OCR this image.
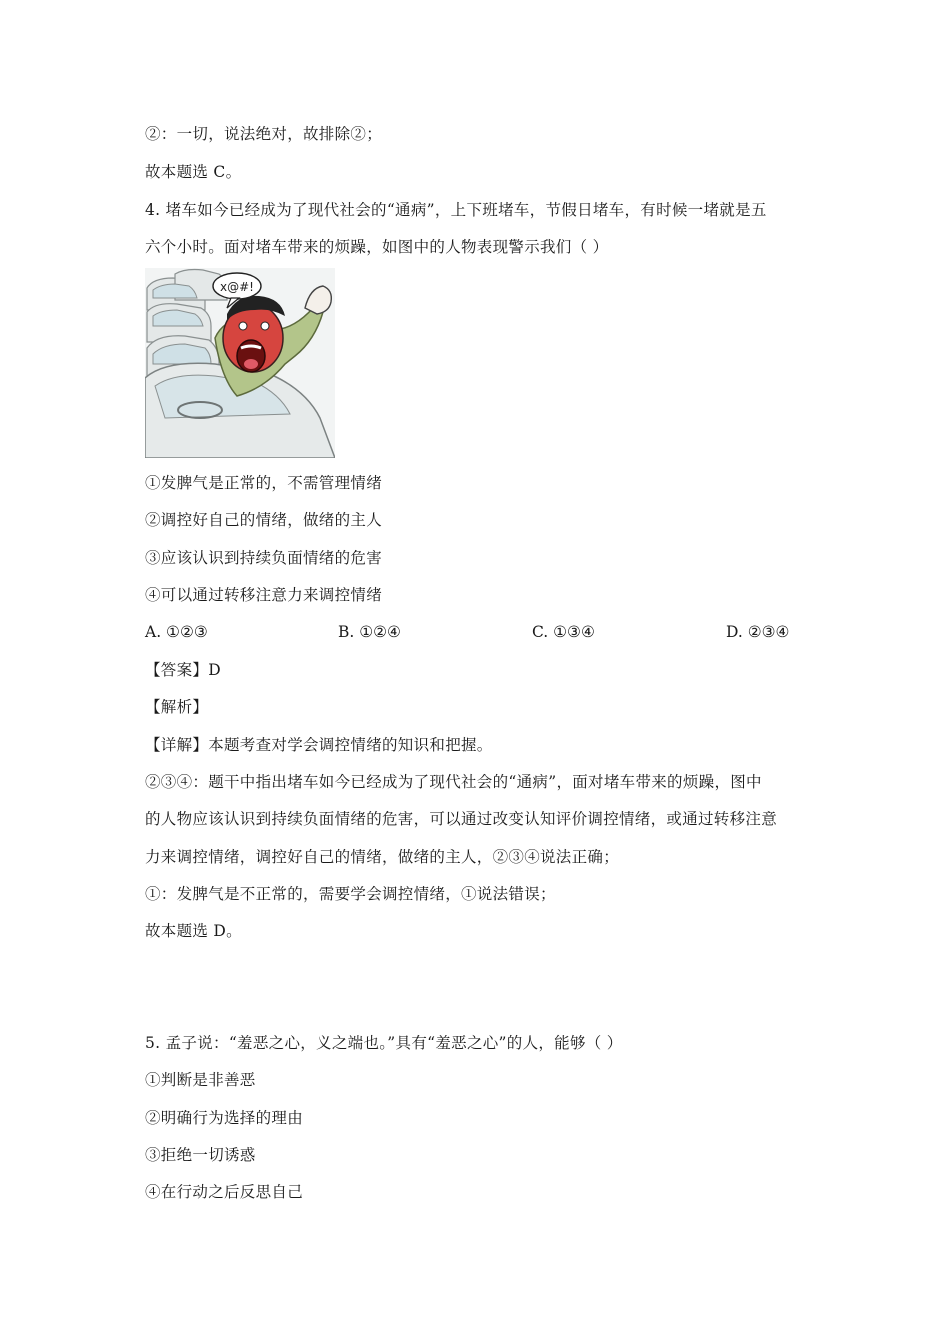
②：一切，说法绝对，故排除②；
故本题选 C。
4. 堵车如今已经成为了现代社会的“通病”，上下班堵车，节假日堵车，有时候一堵就是五
六个小时。面对堵车带来的烦躁，如图中的人物表现警示我们（ ）
x@#!
①发脾气是正常的，不需管理情绪
②调控好自己的情绪，做绪的主人
③应该认识到持续负面情绪的危害
④可以通过转移注意力来调控情绪
A. ①②③	B. ①②④	C. ①③④	D. ②③④
【答案】D
【解析】
【详解】本题考查对学会调控情绪的知识和把握。
②③④：题干中指出堵车如今已经成为了现代社会的“通病”，面对堵车带来的烦躁，图中
的人物应该认识到持续负面情绪的危害，可以通过改变认知评价调控情绪，或通过转移注意
力来调控情绪，调控好自己的情绪，做绪的主人，②③④说法正确；
①：发脾气是不正常的，需要学会调控情绪，①说法错误；
故本题选 D。
5. 孟子说：“羞恶之心，义之端也。”具有“羞恶之心”的人，能够（ ）
①判断是非善恶
②明确行为选择的理由
③拒绝一切诱惑
④在行动之后反思自己
